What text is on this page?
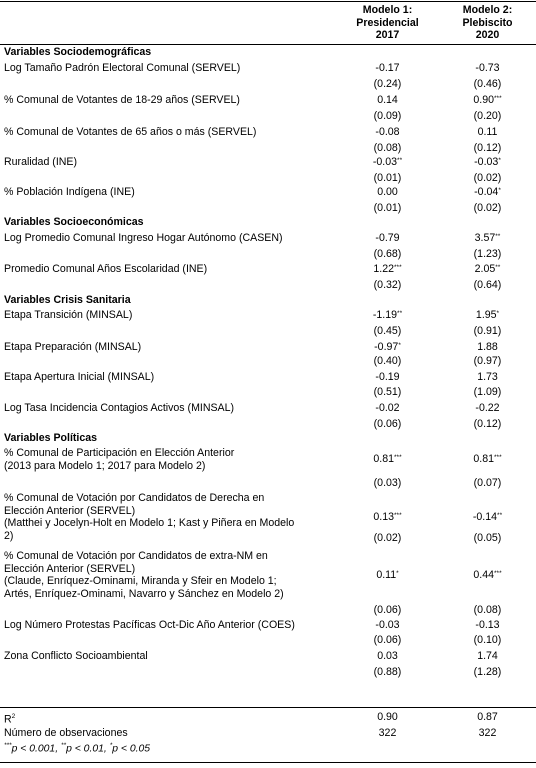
Modelo 1:
Presidencial
2017
Modelo 2:
Plebiscito
2020
Variables Sociodemográficas
Log Tamaño Padrón Electoral Comunal (SERVEL)	-0.17	-0.73
(0.24)	(0.46)
% Comunal de Votantes de 18-29 años (SERVEL)	0.14	0.90***
(0.09)	(0.20)
% Comunal de Votantes de 65 años o más (SERVEL)	-0.08	0.11
(0.08)	(0.12)
Ruralidad (INE)	-0.03**	-0.03*
(0.01)	(0.02)
% Población Indígena (INE)	0.00	-0.04*
(0.01)	(0.02)
Variables Socioeconómicas
Log Promedio Comunal Ingreso Hogar Autónomo (CASEN)	-0.79	3.57**
(0.68)	(1.23)
Promedio Comunal Años Escolaridad (INE)	1.22***	2.05**
(0.32)	(0.64)
Variables Crisis Sanitaria
Etapa Transición (MINSAL)	-1.19**	1.95*
(0.45)	(0.91)
Etapa Preparación (MINSAL)	-0.97*	1.88
(0.40)	(0.97)
Etapa Apertura Inicial (MINSAL)	-0.19	1.73
(0.51)	(1.09)
Log Tasa Incidencia Contagios Activos (MINSAL)	-0.02	-0.22
(0.06)	(0.12)
Variables Políticas
% Comunal de Participación en Elección Anterior
(2013 para Modelo 1; 2017 para Modelo 2)
0.81***	0.81***
(0.03)	(0.07)
% Comunal de Votación por Candidatos de Derecha en
Elección Anterior (SERVEL)
(Matthei y Jocelyn-Holt en Modelo 1; Kast y Piñera en Modelo
2)
0.13***	-0.14**
(0.02)	(0.05)
% Comunal de Votación por Candidatos de extra-NM en
Elección Anterior (SERVEL)
(Claude, Enríquez-Ominami, Miranda y Sfeir en Modelo 1;
Artés, Enríquez-Ominami, Navarro y Sánchez en Modelo 2)
0.11*	0.44***
(0.06)	(0.08)
Log Número Protestas Pacíficas Oct-Dic Año Anterior (COES)	-0.03	-0.13
(0.06)	(0.10)
Zona Conflicto Socioambiental	0.03	1.74
(0.88)	(1.28)
$R^2$	0.90	0.87
Número de observaciones	322	322
***p < 0.001, **p < 0.01, *p < 0.05
